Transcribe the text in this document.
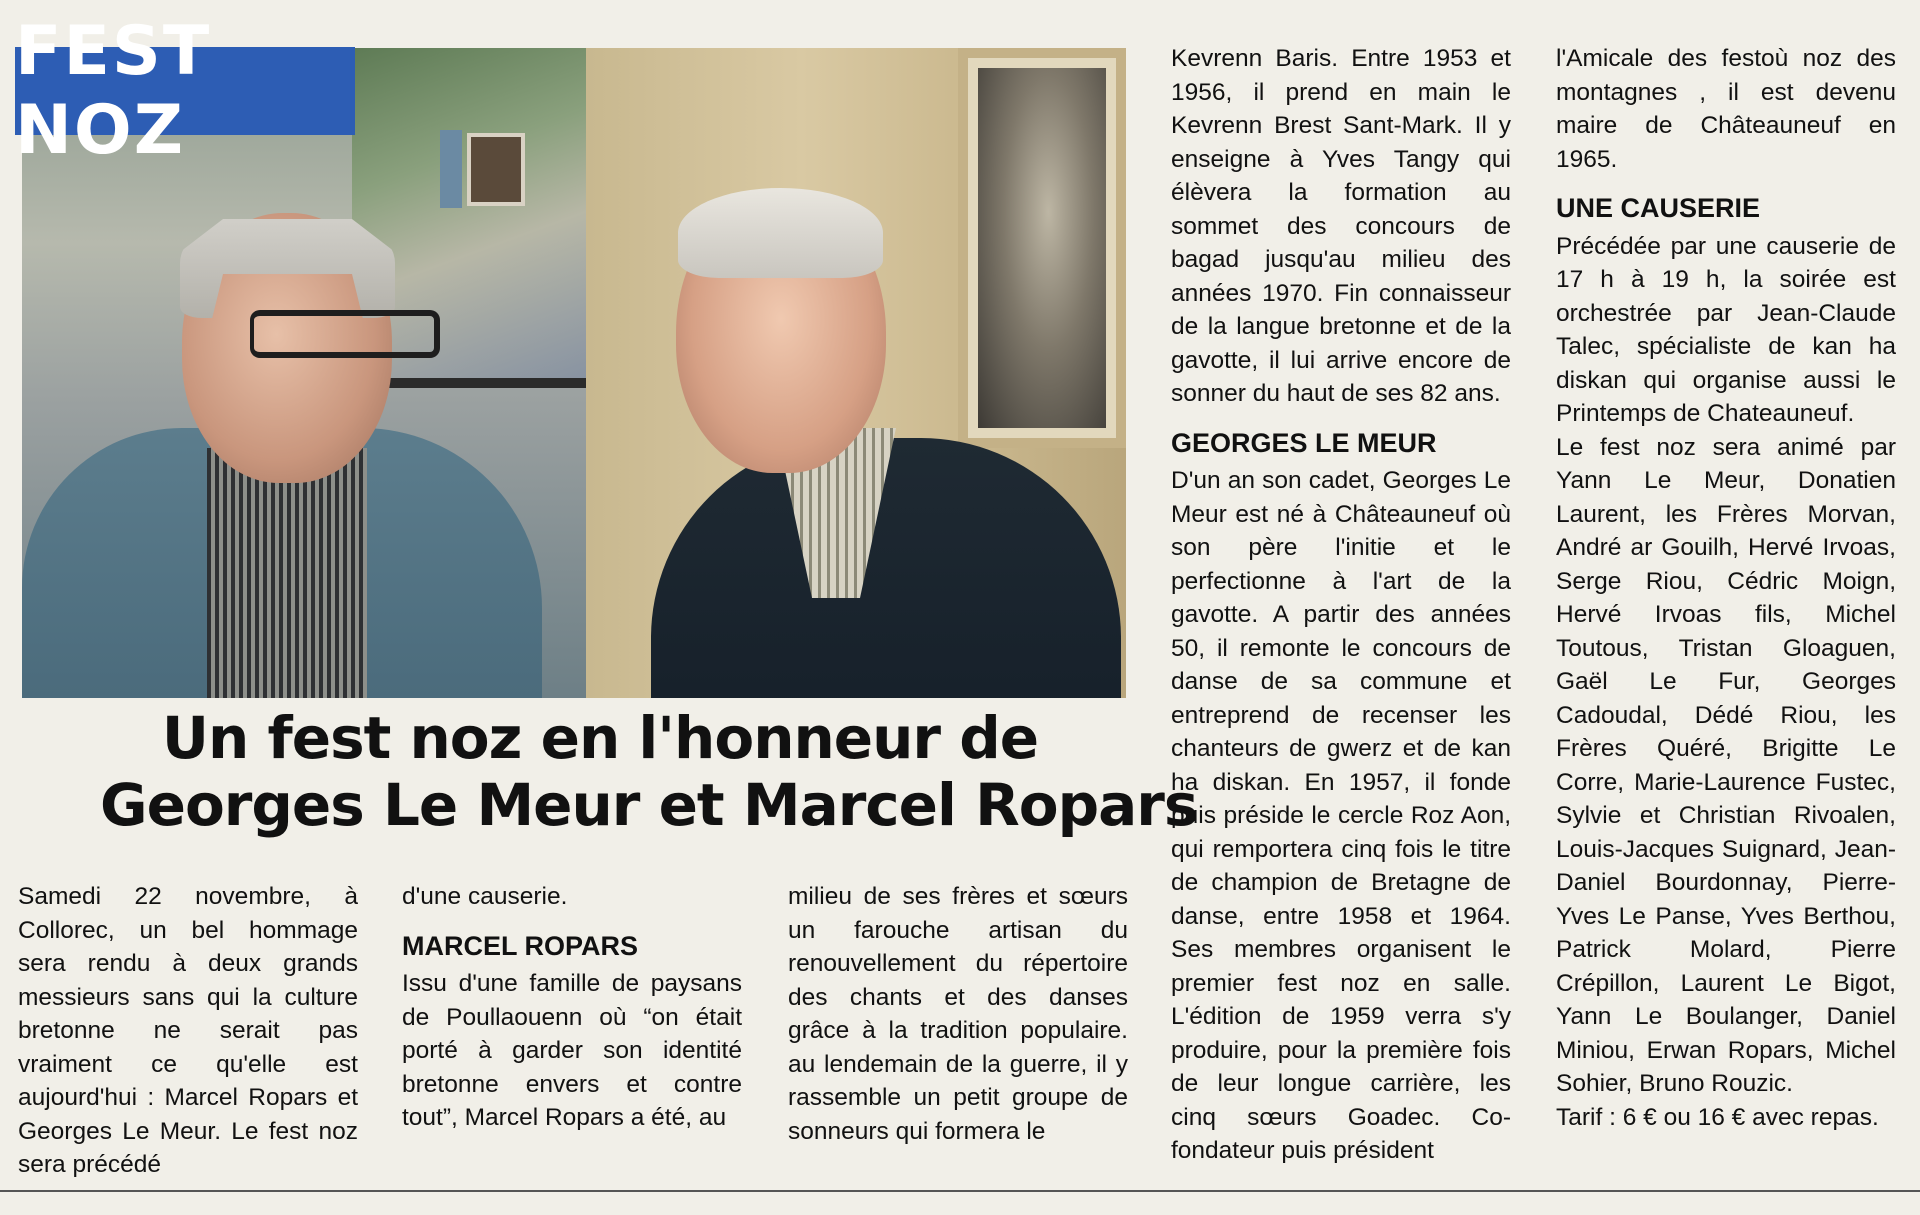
FEST NOZ
Un fest noz en l'honneur de
Georges Le Meur et Marcel Ropars

Samedi 22 novembre, à Collorec, un bel hommage sera rendu à deux grands messieurs sans qui la culture bretonne ne serait pas vraiment ce qu'elle est aujourd'hui : Marcel Ropars et Georges Le Meur. Le fest noz sera précédé

d'une causerie.

MARCEL ROPARS

Issu d'une famille de paysans de Poullaouenn où “on était porté à garder son identité bretonne envers et contre tout”, Marcel Ropars a été, au

milieu de ses frères et sœurs un farouche artisan du renouvellement du répertoire des chants et des danses grâce à la tradition populaire. au lendemain de la guerre, il y rassemble un petit groupe de sonneurs qui formera le

Kevrenn Baris. Entre 1953 et 1956, il prend en main le Kevrenn Brest Sant-Mark. Il y enseigne à Yves Tangy qui élèvera la formation au sommet des concours de bagad jusqu'au milieu des années 1970. Fin connaisseur de la langue bretonne et de la gavotte, il lui arrive encore de sonner du haut de ses 82 ans.

GEORGES LE MEUR

D'un an son cadet, Georges Le Meur est né à Châteauneuf où son père l'initie et le perfectionne à l'art de la gavotte. A partir des années 50, il remonte le concours de danse de sa commune et entreprend de recenser les chanteurs de gwerz et de kan ha diskan. En 1957, il fonde puis préside le cercle Roz Aon, qui remportera cinq fois le titre de champion de Bretagne de danse, entre 1958 et 1964. Ses membres organisent le premier fest noz en salle. L'édition de 1959 verra s'y produire, pour la première fois de leur longue carrière, les cinq sœurs Goadec. Co-fondateur puis président

l'Amicale des festoù noz des montagnes , il est devenu maire de Châteauneuf en 1965.

UNE CAUSERIE

Précédée par une causerie de 17 h à 19 h, la soirée est orchestrée par Jean-Claude Talec, spécialiste de kan ha diskan qui organise aussi le Printemps de Chateauneuf.

Le fest noz sera animé par Yann Le Meur, Donatien Laurent, les Frères Morvan, André ar Gouilh, Hervé Irvoas, Serge Riou, Cédric Moign, Hervé Irvoas fils, Michel Toutous, Tristan Gloaguen, Gaël Le Fur, Georges Cadoudal, Dédé Riou, les Frères Quéré, Brigitte Le Corre, Marie-Laurence Fustec, Sylvie et Christian Rivoalen, Louis-Jacques Suignard, Jean-Daniel Bourdonnay, Pierre-Yves Le Panse, Yves Berthou, Patrick Molard, Pierre Crépillon, Laurent Le Bigot, Yann Le Boulanger, Daniel Miniou, Erwan Ropars, Michel Sohier, Bruno Rouzic.

Tarif : 6 € ou 16 € avec repas.
